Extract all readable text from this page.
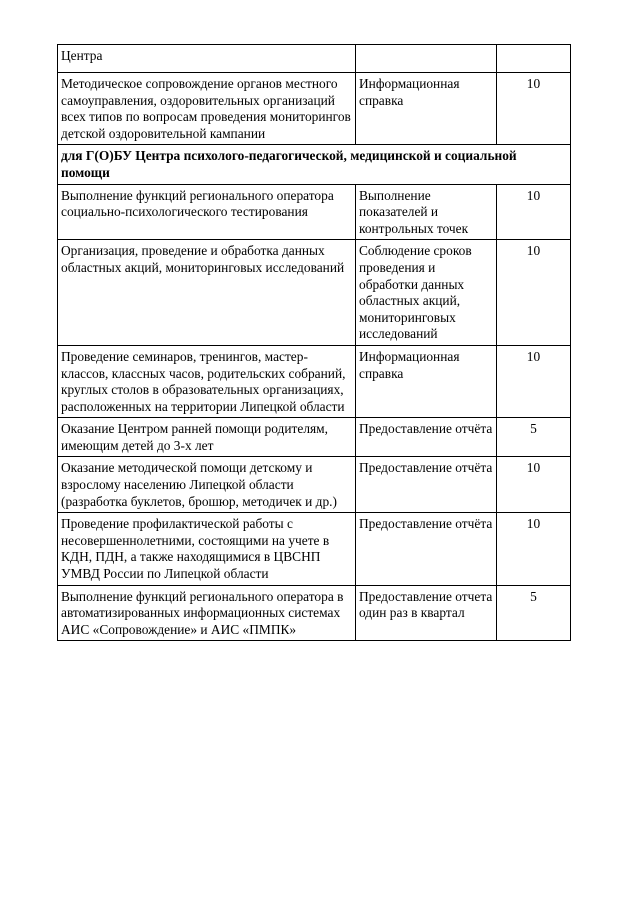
Центра		
Методическое сопровождение органов местного самоуправления, оздоровительных организаций всех типов по вопросам проведения мониторингов детской оздоровительной кампании	Информационная справка	10
для Г(О)БУ Центра психолого-педагогической, медицинской и социальной помощи		
Выполнение функций регионального оператора социально-психологического тестирования	Выполнение показателей и контрольных точек	10
Организация, проведение и обработка данных областных акций, мониторинговых исследований	Соблюдение сроков проведения и обработки данных областных акций, мониторинговых исследований	10
Проведение семинаров, тренингов, мастер-классов, классных часов, родительских собраний, круглых столов в образовательных организациях, расположенных на территории Липецкой области	Информационная справка	10
Оказание Центром ранней помощи родителям, имеющим детей до 3-х лет	Предоставление отчёта	5
Оказание методической помощи детскому и взрослому населению Липецкой области (разработка буклетов, брошюр, методичек и др.)	Предоставление отчёта	10
Проведение профилактической работы с несовершеннолетними, состоящими на учете в КДН, ПДН, а также находящимися в ЦВСНП УМВД России по Липецкой области	Предоставление отчёта	10
Выполнение функций регионального оператора в автоматизированных информационных системах АИС «Сопровождение» и АИС «ПМПК»	Предоставление отчета один раз в квартал	5
